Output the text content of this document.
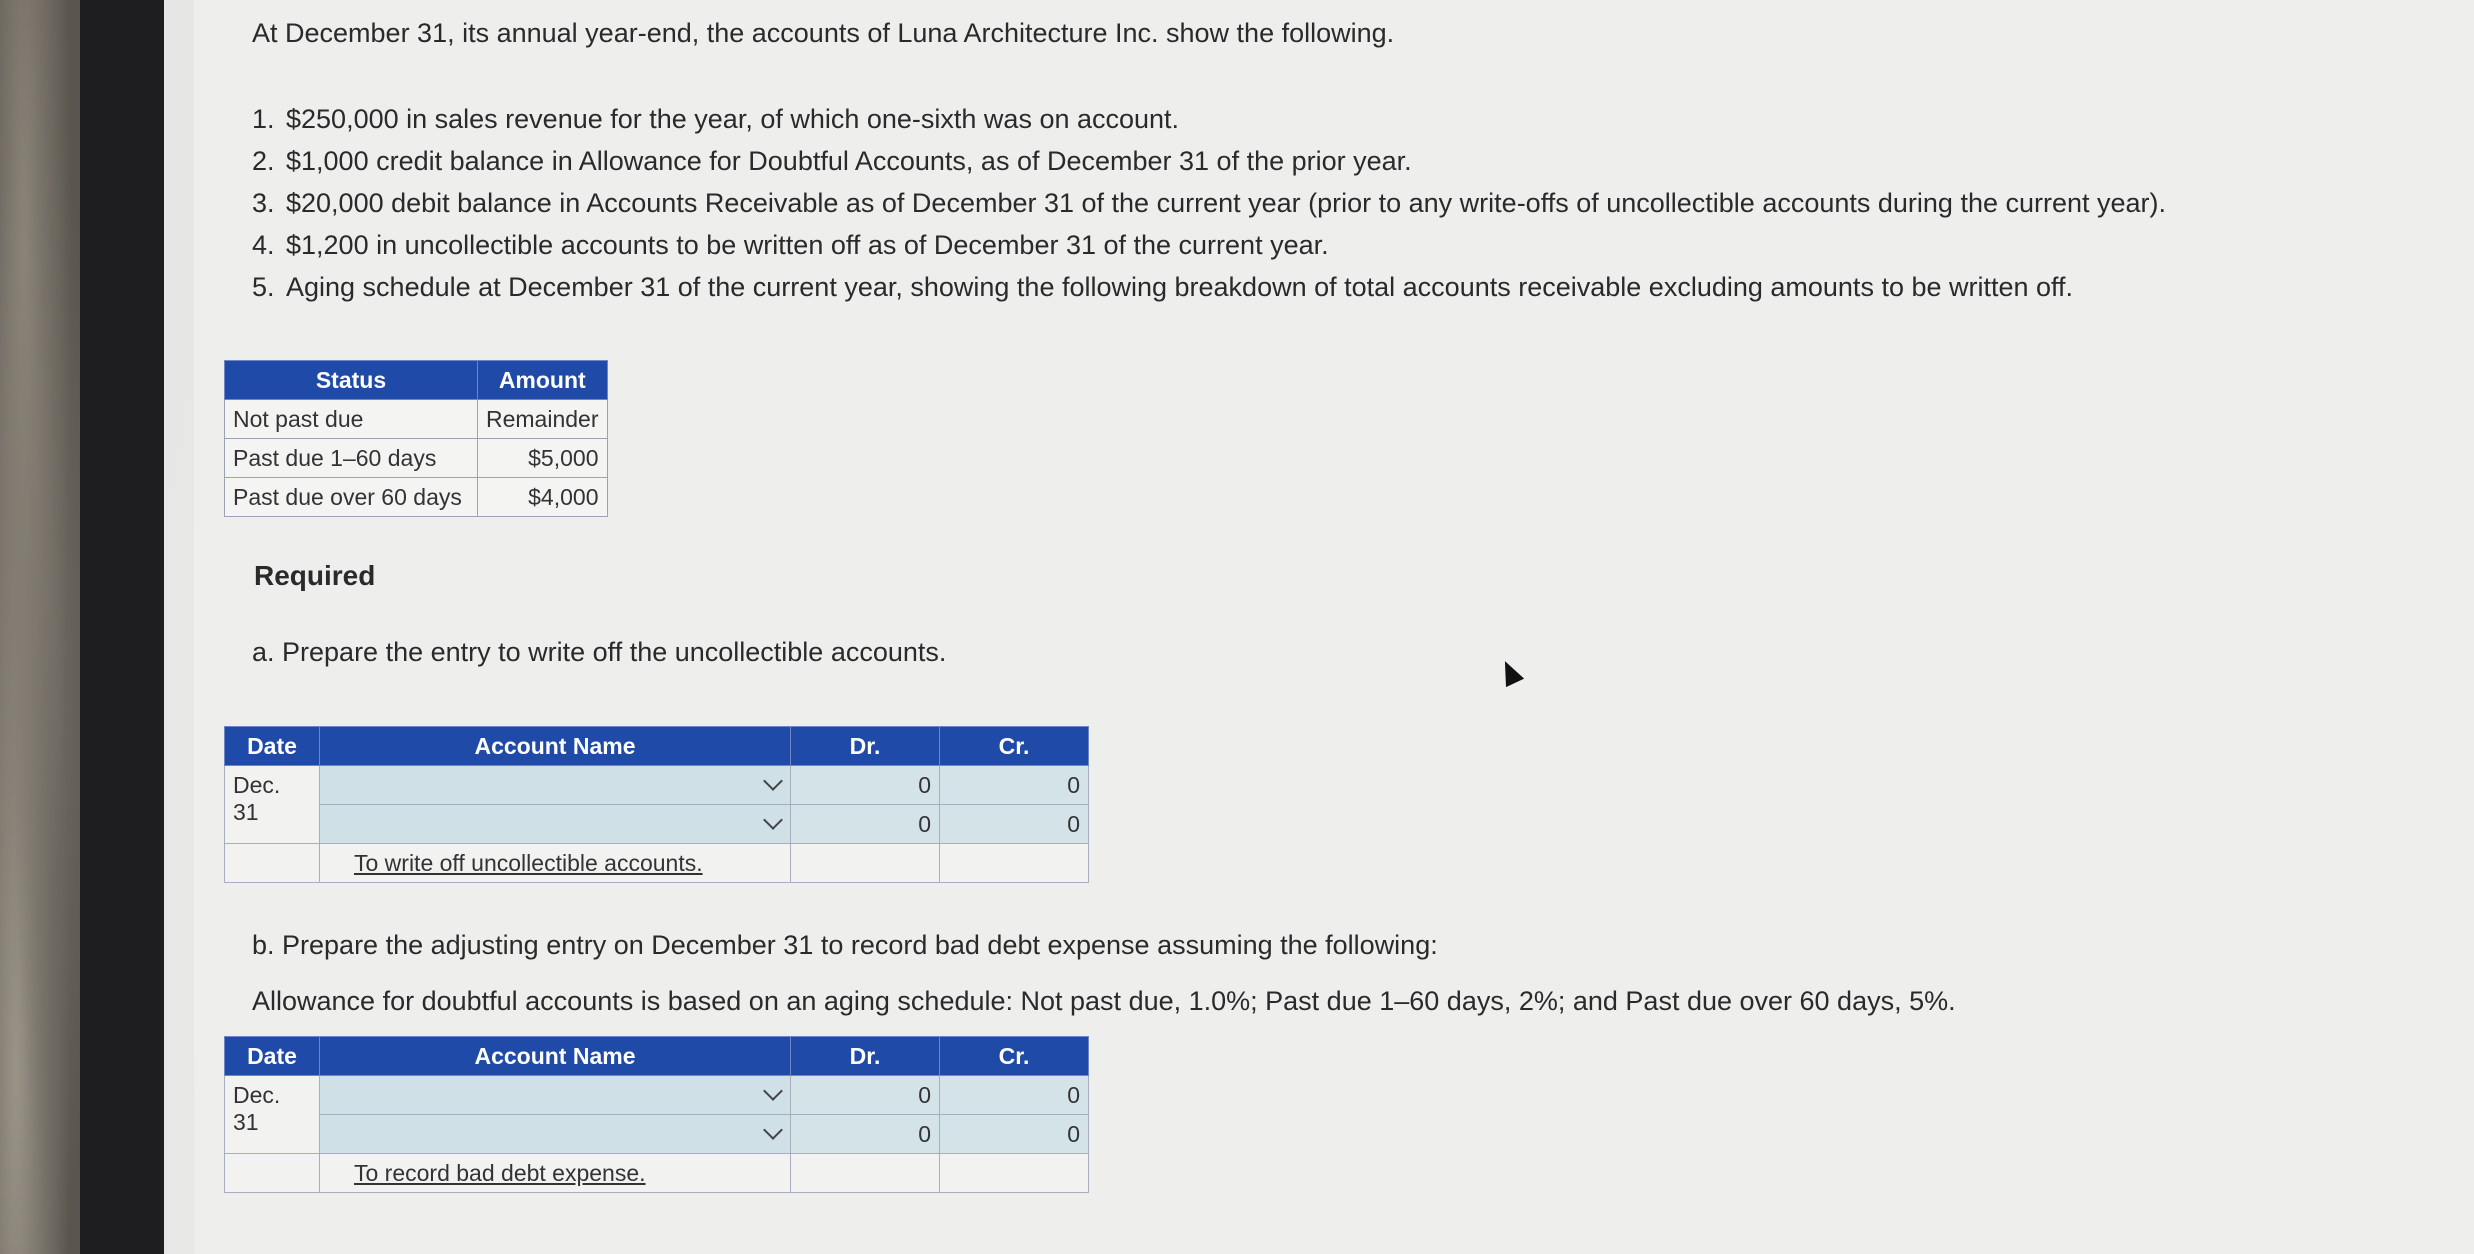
At December 31, its annual year-end, the accounts of Luna Architecture Inc. show the following.
1. $250,000 in sales revenue for the year, of which one-sixth was on account.
2. $1,000 credit balance in Allowance for Doubtful Accounts, as of December 31 of the prior year.
3. $20,000 debit balance in Accounts Receivable as of December 31 of the current year (prior to any write-offs of uncollectible accounts during the current year).
4. $1,200 in uncollectible accounts to be written off as of December 31 of the current year.
5. Aging schedule at December 31 of the current year, showing the following breakdown of total accounts receivable excluding amounts to be written off.
Status	Amount
Not past due	Remainder
Past due 1–60 days	$5,000
Past due over 60 days	$4,000
Required
a. Prepare the entry to write off the uncollectible accounts.
Date	Account Name	Dr.	Cr.
Dec. 31		0	0

		0	0
	To write off uncollectible accounts.		
b. Prepare the adjusting entry on December 31 to record bad debt expense assuming the following:
Allowance for doubtful accounts is based on an aging schedule: Not past due, 1.0%; Past due 1–60 days, 2%; and Past due over 60 days, 5%.
Date	Account Name	Dr.	Cr.
Dec. 31		0	0

		0	0
	To record bad debt expense.		
